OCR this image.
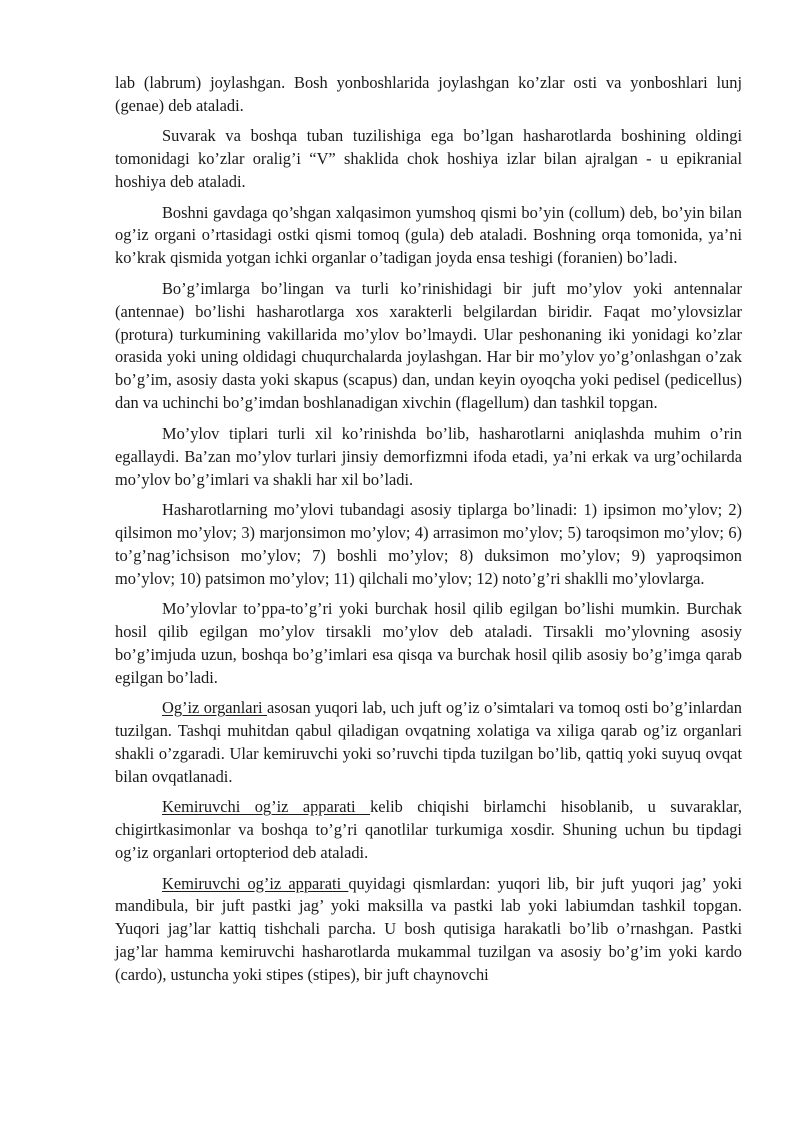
lab (labrum) joylashgan. Bosh yonboshlarida joylashgan ko’zlar osti va yonboshlari lunj (genae) deb ataladi.

Suvarak va boshqa tuban tuzilishiga ega bo’lgan hasharotlarda boshining oldingi tomonidagi ko’zlar oralig’i “V” shaklida chok hoshiya izlar bilan ajralgan - u epikranial hoshiya deb ataladi.

Boshni gavdaga qo’shgan xalqasimon yumshoq qismi bo’yin (collum) deb, bo’yin bilan og’iz organi o’rtasidagi ostki qismi tomoq (gula) deb ataladi. Boshning orqa tomonida, ya’ni ko’krak qismida yotgan ichki organlar o’tadigan joyda ensa teshigi (foranien) bo’ladi.

Bo’g’imlarga bo’lingan va turli ko’rinishidagi bir juft mo’ylov yoki antennalar (antennae) bo’lishi hasharotlarga xos xarakterli belgilardan biridir. Faqat mo’ylovsizlar (protura) turkumining vakillarida mo’ylov bo’lmaydi. Ular peshonaning iki yonidagi ko’zlar orasida yoki uning oldidagi chuqurchalarda joylashgan. Har bir mo’ylov yo’g’onlashgan o’zak bo’g’im, asosiy dasta yoki skapus (scapus) dan, undan keyin oyoqcha yoki pedisel (pedicellus) dan va uchinchi bo’g’imdan boshlanadigan xivchin (flagellum) dan tashkil topgan.

Mo’ylov tiplari turli xil ko’rinishda bo’lib, hasharotlarni aniqlashda muhim o’rin egallaydi. Ba’zan mo’ylov turlari jinsiy demorfizmni ifoda etadi, ya’ni erkak va urg’ochilarda mo’ylov bo’g’imlari va shakli har xil bo’ladi.

Hasharotlarning mo’ylovi tubandagi asosiy tiplarga bo’linadi: 1) ipsimon mo’ylov; 2) qilsimon mo’ylov; 3) marjonsimon mo’ylov; 4) arrasimon mo’ylov; 5) taroqsimon mo’ylov; 6) to’g’nag’ichsison mo’ylov; 7) boshli mo’ylov; 8) duksimon mo’ylov; 9) yaproqsimon mo’ylov; 10) patsimon mo’ylov; 11) qilchali mo’ylov; 12) noto’g’ri shaklli mo’ylovlarga.

Mo’ylovlar to’ppa-to’g’ri yoki burchak hosil qilib egilgan bo’lishi mumkin. Burchak hosil qilib egilgan mo’ylov tirsakli mo’ylov deb ataladi. Tirsakli mo’ylovning asosiy bo’g’imjuda uzun, boshqa bo’g’imlari esa qisqa va burchak hosil qilib asosiy bo’g’imga qarab egilgan bo’ladi.

Og’iz organlari asosan yuqori lab, uch juft og’iz o’simtalari va tomoq osti bo’g’inlardan tuzilgan. Tashqi muhitdan qabul qiladigan ovqatning xolatiga va xiliga qarab og’iz organlari shakli o’zgaradi. Ular kemiruvchi yoki so’ruvchi tipda tuzilgan bo’lib, qattiq yoki suyuq ovqat bilan ovqatlanadi.

Kemiruvchi og’iz apparati kelib chiqishi birlamchi hisoblanib, u suvaraklar, chigirtkasimonlar va boshqa to’g’ri qanotlilar turkumiga xosdir. Shuning uchun bu tipdagi og’iz organlari ortopteriod deb ataladi.

Kemiruvchi og’iz apparati quyidagi qismlardan: yuqori lib, bir juft yuqori jag’ yoki mandibula, bir juft pastki jag’ yoki maksilla va pastki lab yoki labiumdan tashkil topgan. Yuqori jag’lar kattiq tishchali parcha. U bosh qutisiga harakatli bo’lib o’rnashgan. Pastki jag’lar hamma kemiruvchi hasharotlarda mukammal tuzilgan va asosiy bo’g’im yoki kardo (cardo), ustuncha yoki stipes (stipes), bir juft chaynovchi
